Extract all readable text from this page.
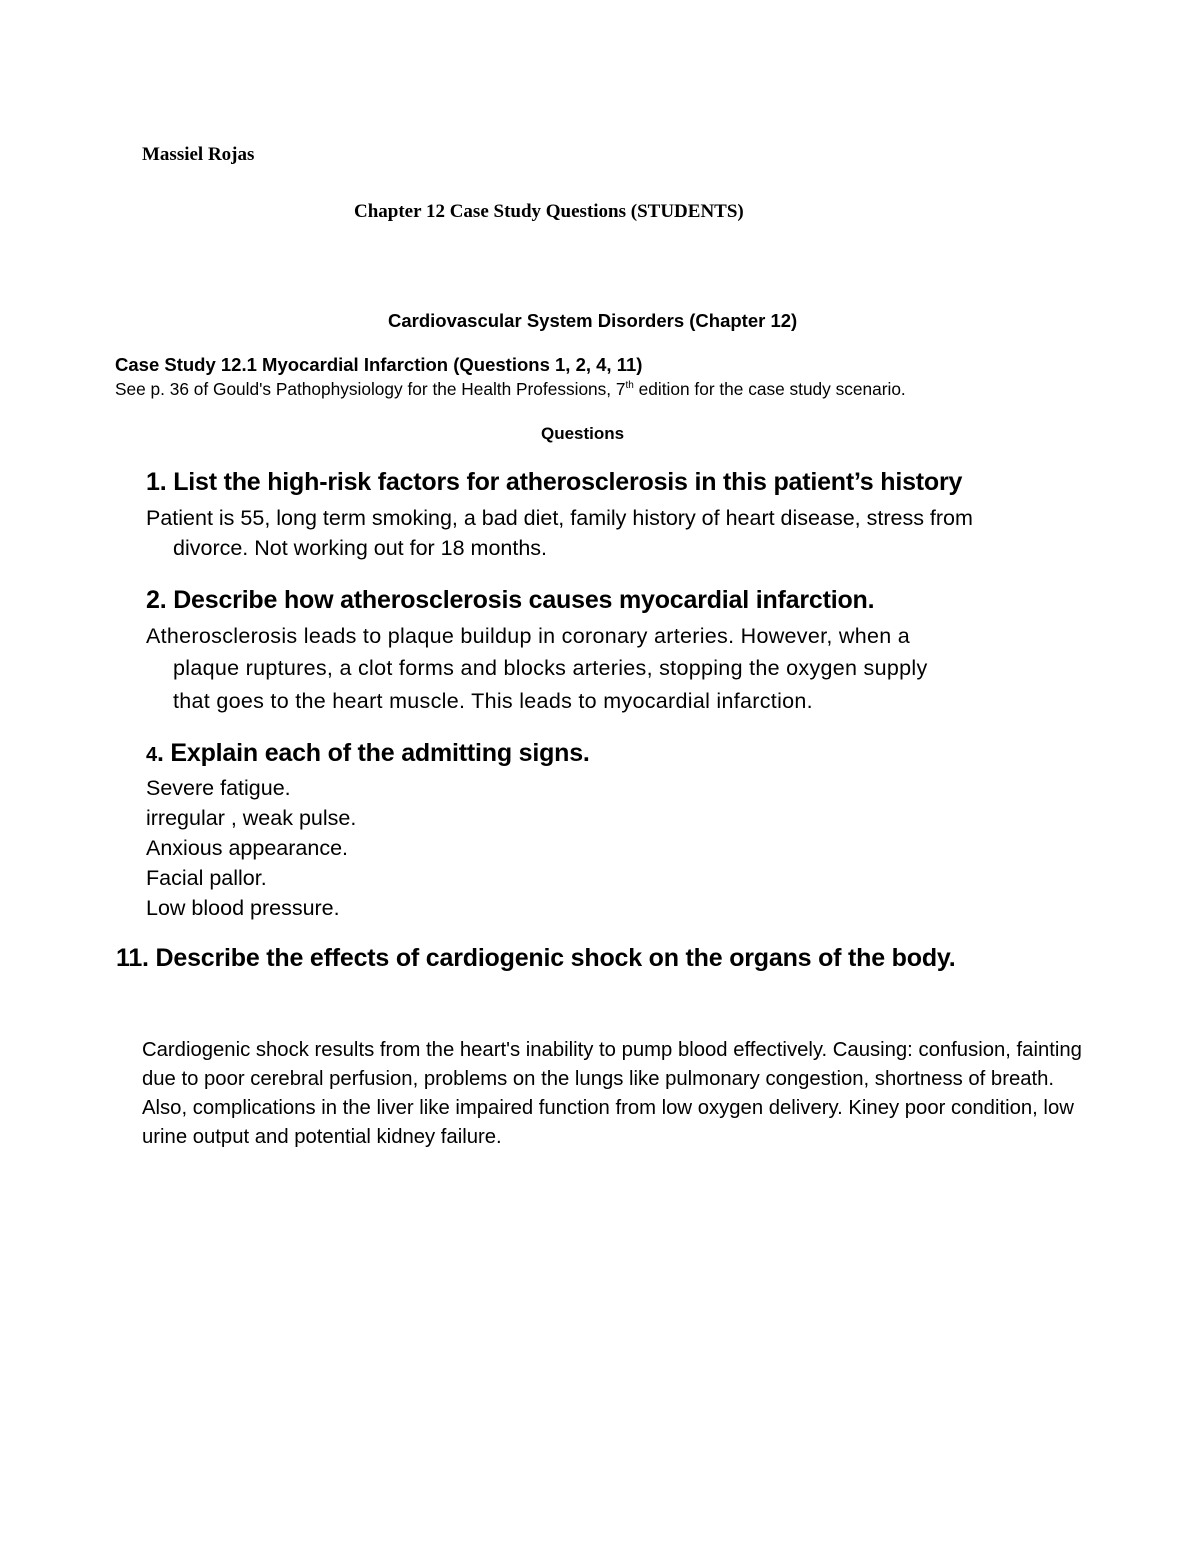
Massiel Rojas

Chapter 12 Case Study Questions (STUDENTS)

Cardiovascular System Disorders (Chapter 12)

Case Study 12.1 Myocardial Infarction (Questions 1, 2, 4, 11)

See p. 36 of Gould's Pathophysiology for the Health Professions, 7th edition for the case study scenario.

Questions

1. List the high-risk factors for atherosclerosis in this patient’s history

Patient is 55, long term smoking, a bad diet, family history of heart disease, stress from

divorce. Not working out for 18 months.

2. Describe how atherosclerosis causes myocardial infarction.

Atherosclerosis leads to plaque buildup in coronary arteries. However, when a

plaque ruptures, a clot forms and blocks arteries, stopping the oxygen supply

that goes to the heart muscle. This leads to myocardial infarction.

4. Explain each of the admitting signs.

Severe fatigue.
irregular , weak pulse.
Anxious appearance.
Facial pallor.
Low blood pressure.

11. Describe the effects of cardiogenic shock on the organs of the body.

Cardiogenic shock results from the heart's inability to pump blood effectively. Causing: confusion, fainting due to poor cerebral perfusion, problems on the lungs like pulmonary congestion, shortness of breath. Also, complications in the liver like impaired function from low oxygen delivery. Kiney poor condition, low urine output and potential kidney failure.
